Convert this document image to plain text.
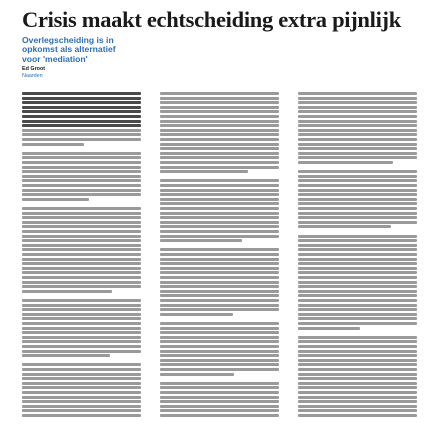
Crisis maakt echtscheiding extra pijnlijk

Overlegscheiding is in opkomst als alternatief voor 'mediation'

Ed Groot

Naarden
